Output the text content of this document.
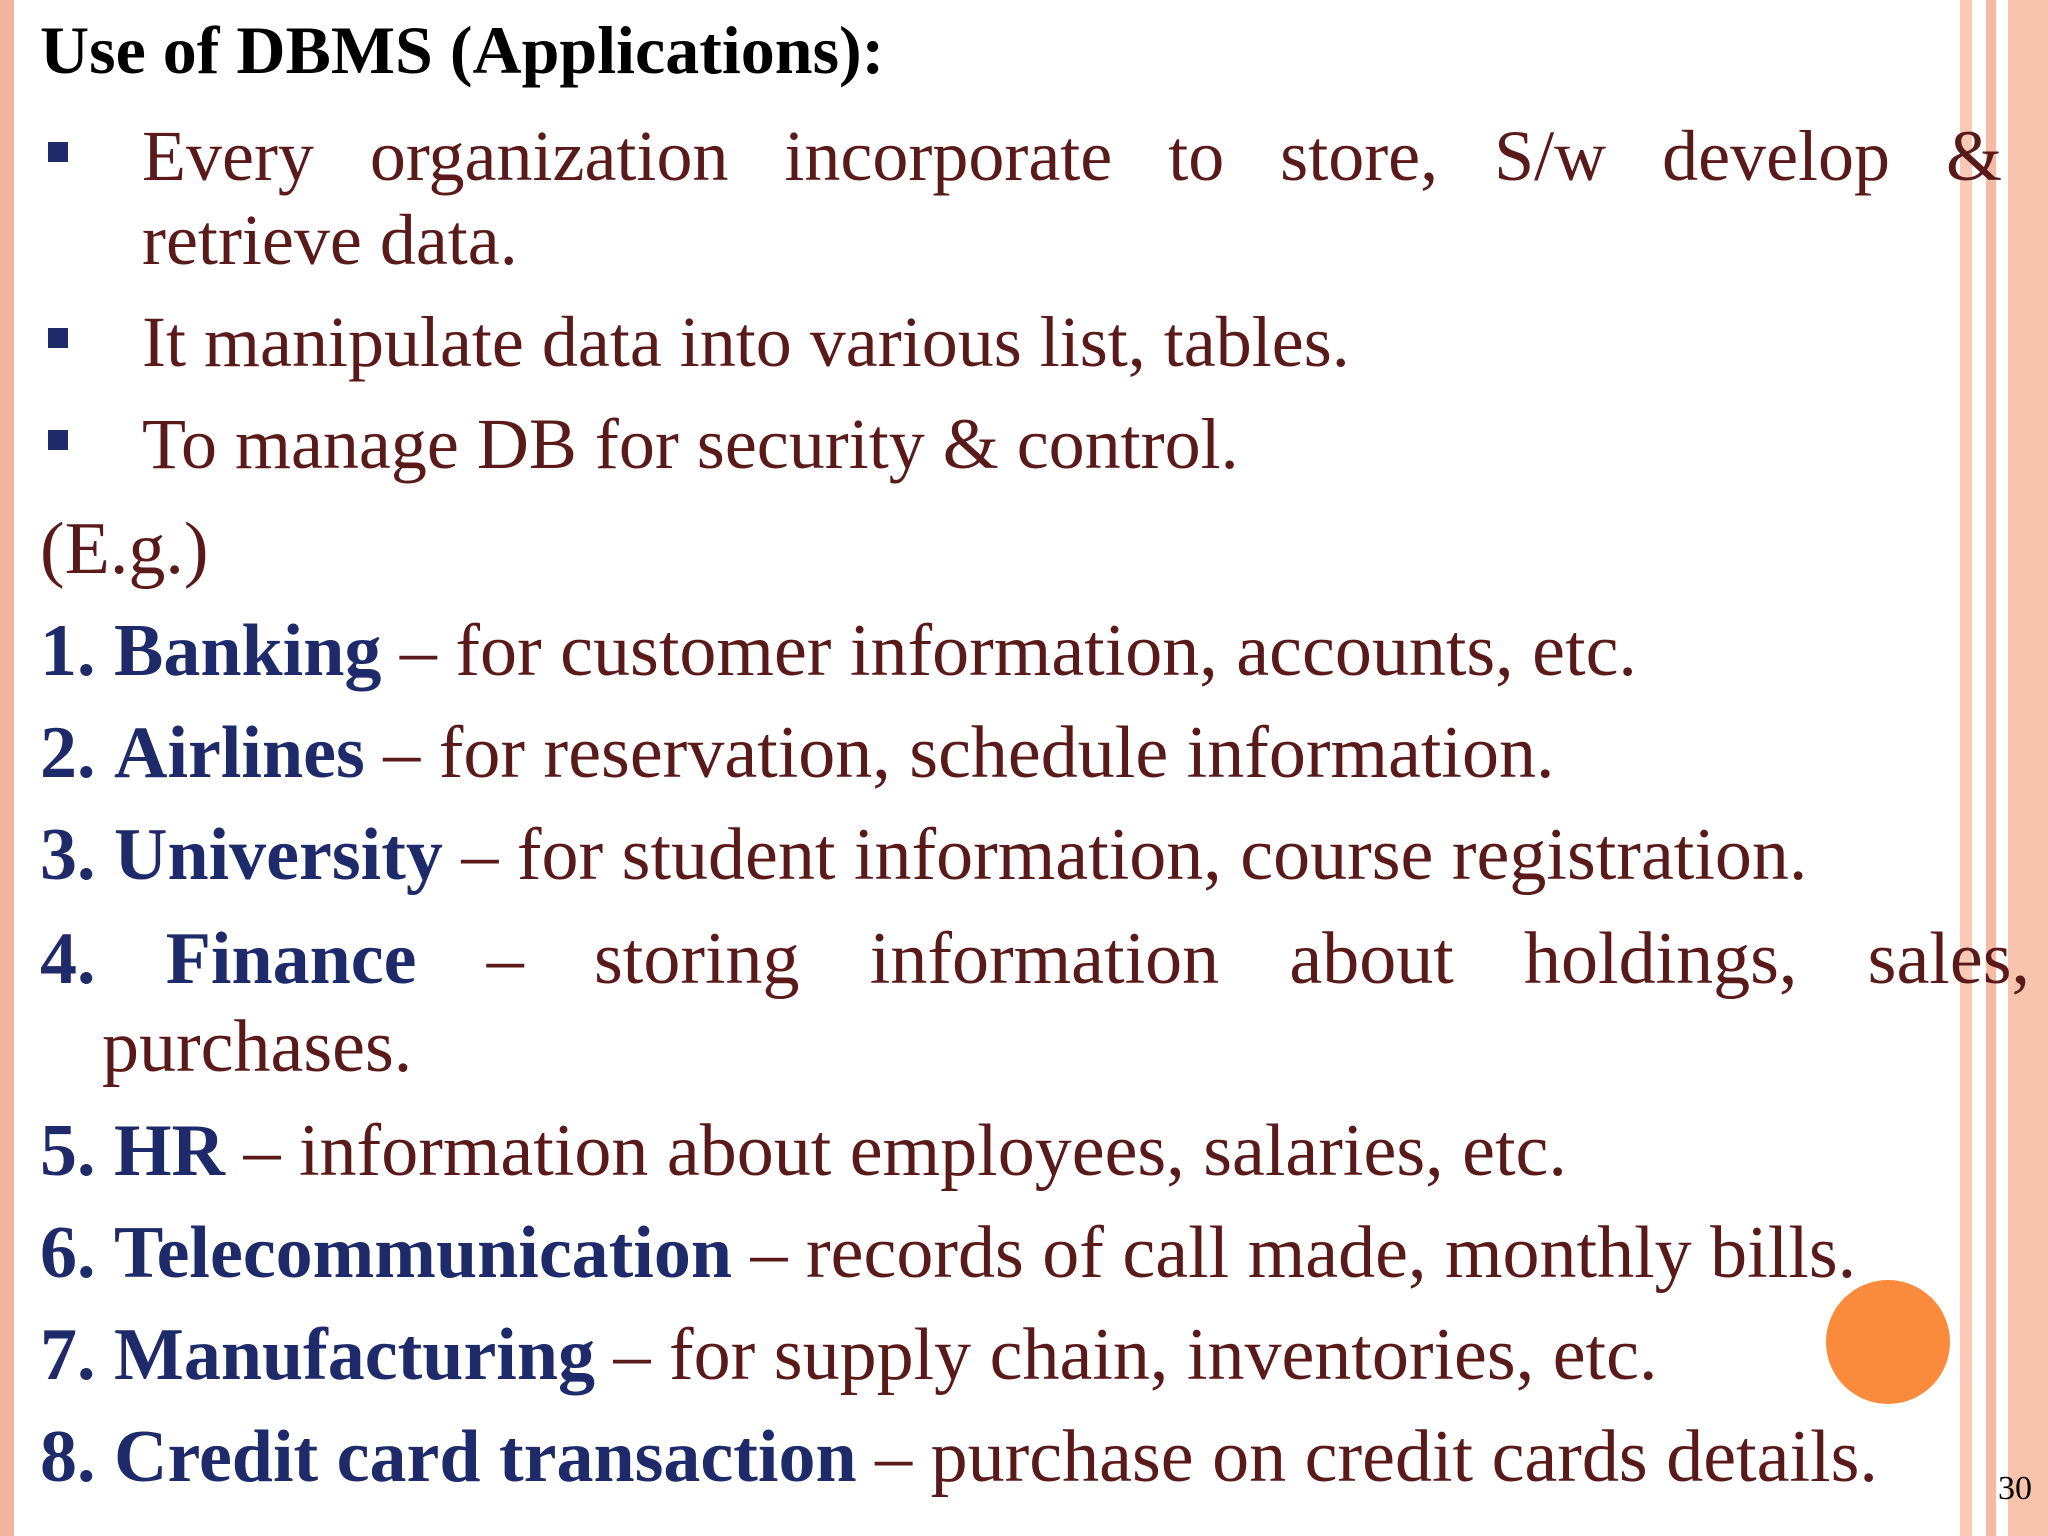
Use of DBMS (Applications):
Every organization incorporate to store, S/w develop &
retrieve data.
It manipulate data into various list, tables.
To manage DB for security & control.
(E.g.)
1. Banking – for customer information, accounts, etc.
2. Airlines – for reservation, schedule information.
3. University – for student information, course registration.
4. Finance – storing information about holdings, sales,
purchases.
5. HR – information about employees, salaries, etc.
6. Telecommunication – records of call made, monthly bills.
7. Manufacturing – for supply chain, inventories, etc.
8. Credit card transaction – purchase on credit cards details.	30
